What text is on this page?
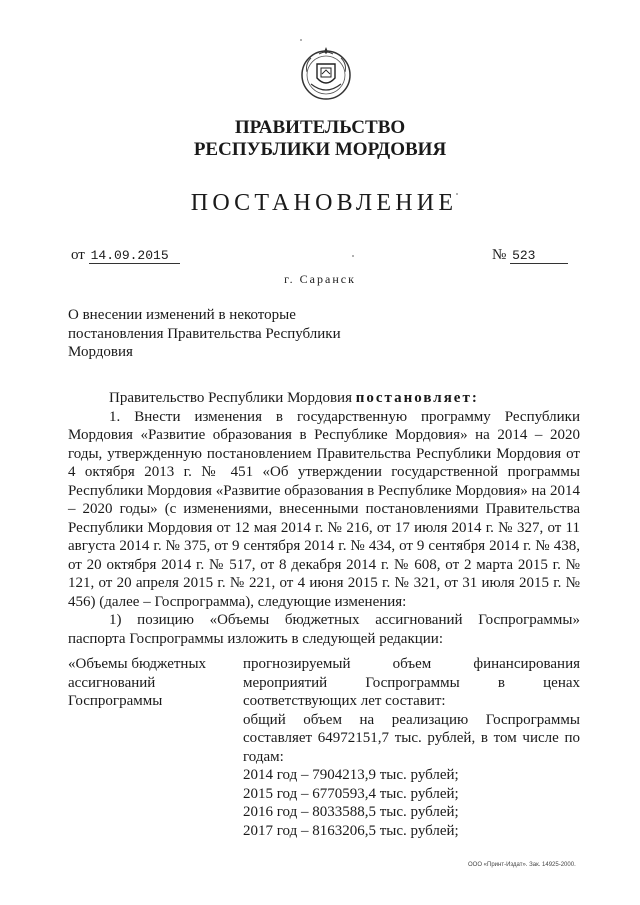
ПРАВИТЕЛЬСТВО
РЕСПУБЛИКИ МОРДОВИЯ
ПОСТАНОВЛЕНИЕ
от 14.09.2015	№ 523
г. Саранск
О внесении изменений в некоторые постановления Правительства Республики Мордовия

Правительство Республики Мордовия постановляет:

1. Внести изменения в государственную программу Республики Мордовия «Развитие образования в Республике Мордовия» на 2014 – 2020 годы, утвержденную постановлением Правительства Республики Мордовия от 4 октября 2013 г. № 451 «Об утверждении государственной программы Республики Мордовия «Развитие образования в Республике Мордовия» на 2014 – 2020 годы» (с изменениями, внесенными постановлениями Правительства Республики Мордовия от 12 мая 2014 г. № 216, от 17 июля 2014 г. № 327, от 11 августа 2014 г. № 375, от 9 сентября 2014 г. № 434, от 9 сентября 2014 г. № 438, от 20 октября 2014 г. № 517, от 8 декабря 2014 г. № 608, от 2 марта 2015 г. № 121, от 20 апреля 2015 г. № 221, от 4 июня 2015 г. № 321, от 31 июля 2015 г. № 456) (далее – Госпрограмма), следующие изменения:

1) позицию «Объемы бюджетных ассигнований Госпрограммы» паспорта Госпрограммы изложить в следующей редакции:

«Объемы бюджетных ассигнований Госпрограммы

прогнозируемый объем финансирования мероприятий Госпрограммы в ценах соответствующих лет составит:

общий объем на реализацию Госпрограммы составляет 64972151,7 тыс. рублей, в том числе по годам:

2014 год – 7904213,9 тыс. рублей;

2015 год – 6770593,4 тыс. рублей;

2016 год – 8033588,5 тыс. рублей;

2017 год – 8163206,5 тыс. рублей;

ООО «Принт-Издат». Зак. 14925-2000.
